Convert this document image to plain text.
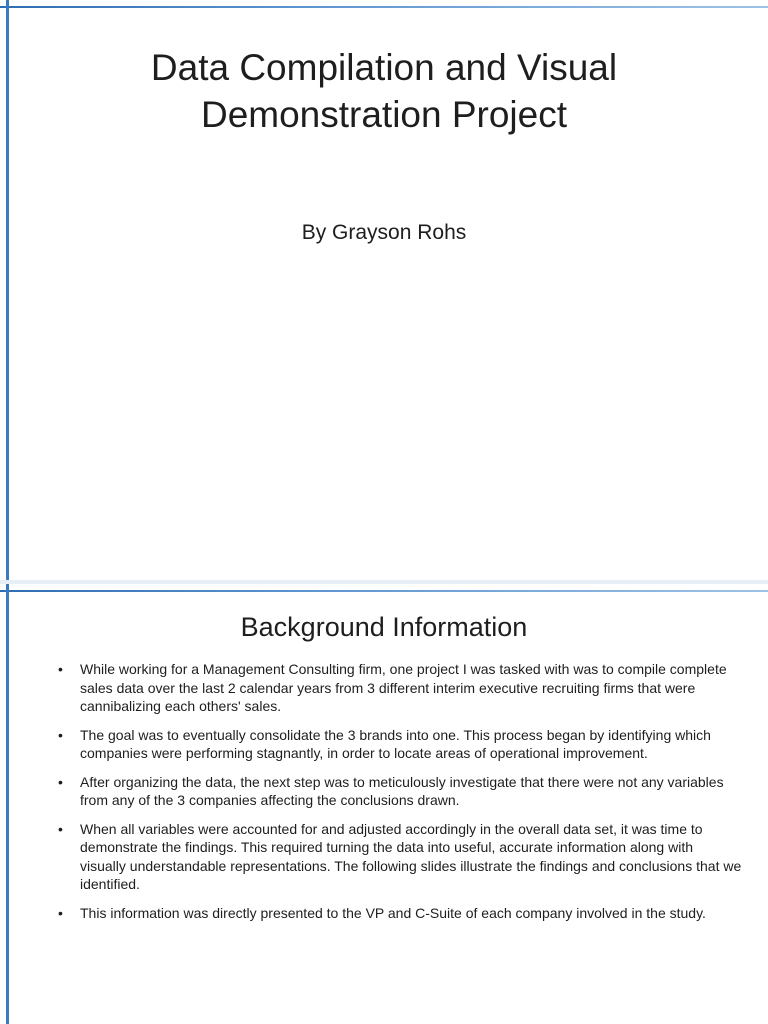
Data Compilation and Visual
Demonstration Project
By Grayson Rohs
Background Information
• While working for a Management Consulting firm, one project I was tasked with was to compile complete sales data over the last 2 calendar years from 3 different interim executive recruiting firms that were cannibalizing each others' sales.
• The goal was to eventually consolidate the 3 brands into one. This process began by identifying which companies were performing stagnantly, in order to locate areas of operational improvement.
• After organizing the data, the next step was to meticulously investigate that there were not any variables from any of the 3 companies affecting the conclusions drawn.
• When all variables were accounted for and adjusted accordingly in the overall data set, it was time to demonstrate the findings. This required turning the data into useful, accurate information along with visually understandable representations. The following slides illustrate the findings and conclusions that we identified.
• This information was directly presented to the VP and C-Suite of each company involved in the study.
